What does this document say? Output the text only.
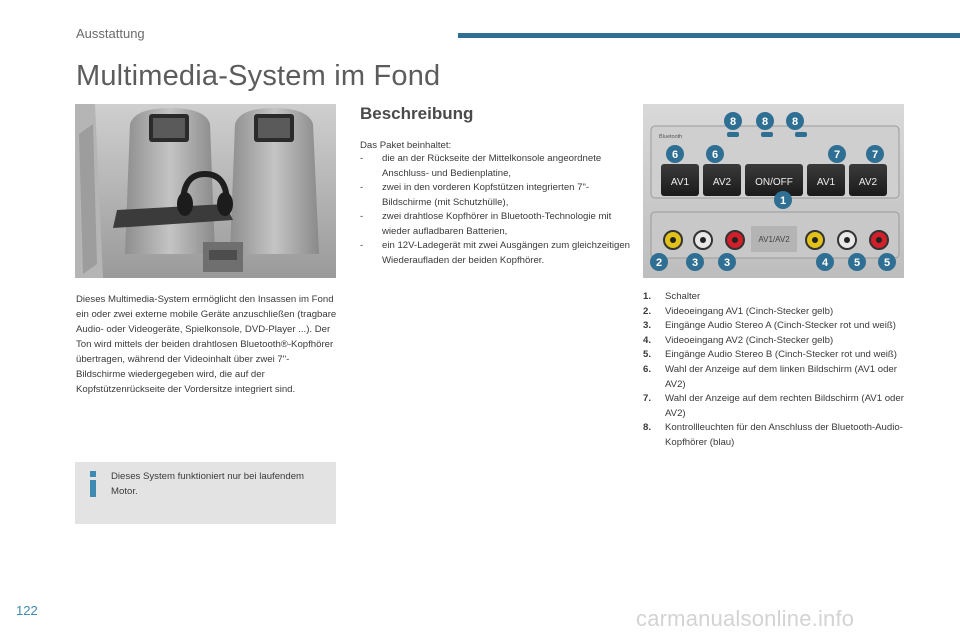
Ausstattung
Multimedia-System im Fond

Dieses Multimedia-System ermöglicht den Insassen im Fond ein oder zwei externe mobile Geräte anzuschließen (tragbare Audio- oder Videogeräte, Spielkonsole, DVD-Player ...). Der Ton wird mittels der beiden drahtlosen Bluetooth®-Kopfhörer übertragen, während der Videoinhalt über zwei 7"-Bildschirme wiedergegeben wird, die auf der Kopfstützenrückseite der Vordersitze integriert sind.

Dieses System funktioniert nur bei laufendem Motor.
Beschreibung
Das Paket beinhaltet:
- die an der Rückseite der Mittelkonsole angeordnete Anschluss- und Bedienplatine,
- zwei in den vorderen Kopfstützen integrierten 7"-Bildschirme (mit Schutzhülle),
- zwei drahtlose Kopfhörer in Bluetooth-Technologie mit wieder aufladbaren Batterien,
- ein 12V-Ladegerät mit zwei Ausgängen zum gleichzeitigen Wiederaufladen der beiden Kopfhörer.
Bluetooth
AV1 AV2 ON/OFF AV1 AV2
AV1/AV2
8 8 8
6	6	7	7
1
2	3 3	4 5 5
1. Schalter
2. Videoeingang AV1 (Cinch-Stecker gelb)
3. Eingänge Audio Stereo A (Cinch-Stecker rot und weiß)
4. Videoeingang AV2 (Cinch-Stecker gelb)
5. Eingänge Audio Stereo B (Cinch-Stecker rot und weiß)
6. Wahl der Anzeige auf dem linken Bildschirm (AV1 oder AV2)
7. Wahl der Anzeige auf dem rechten Bildschirm (AV1 oder AV2)
8. Kontrollleuchten für den Anschluss der Bluetooth-Audio-Kopfhörer (blau)
122	carmanualsonline.info
